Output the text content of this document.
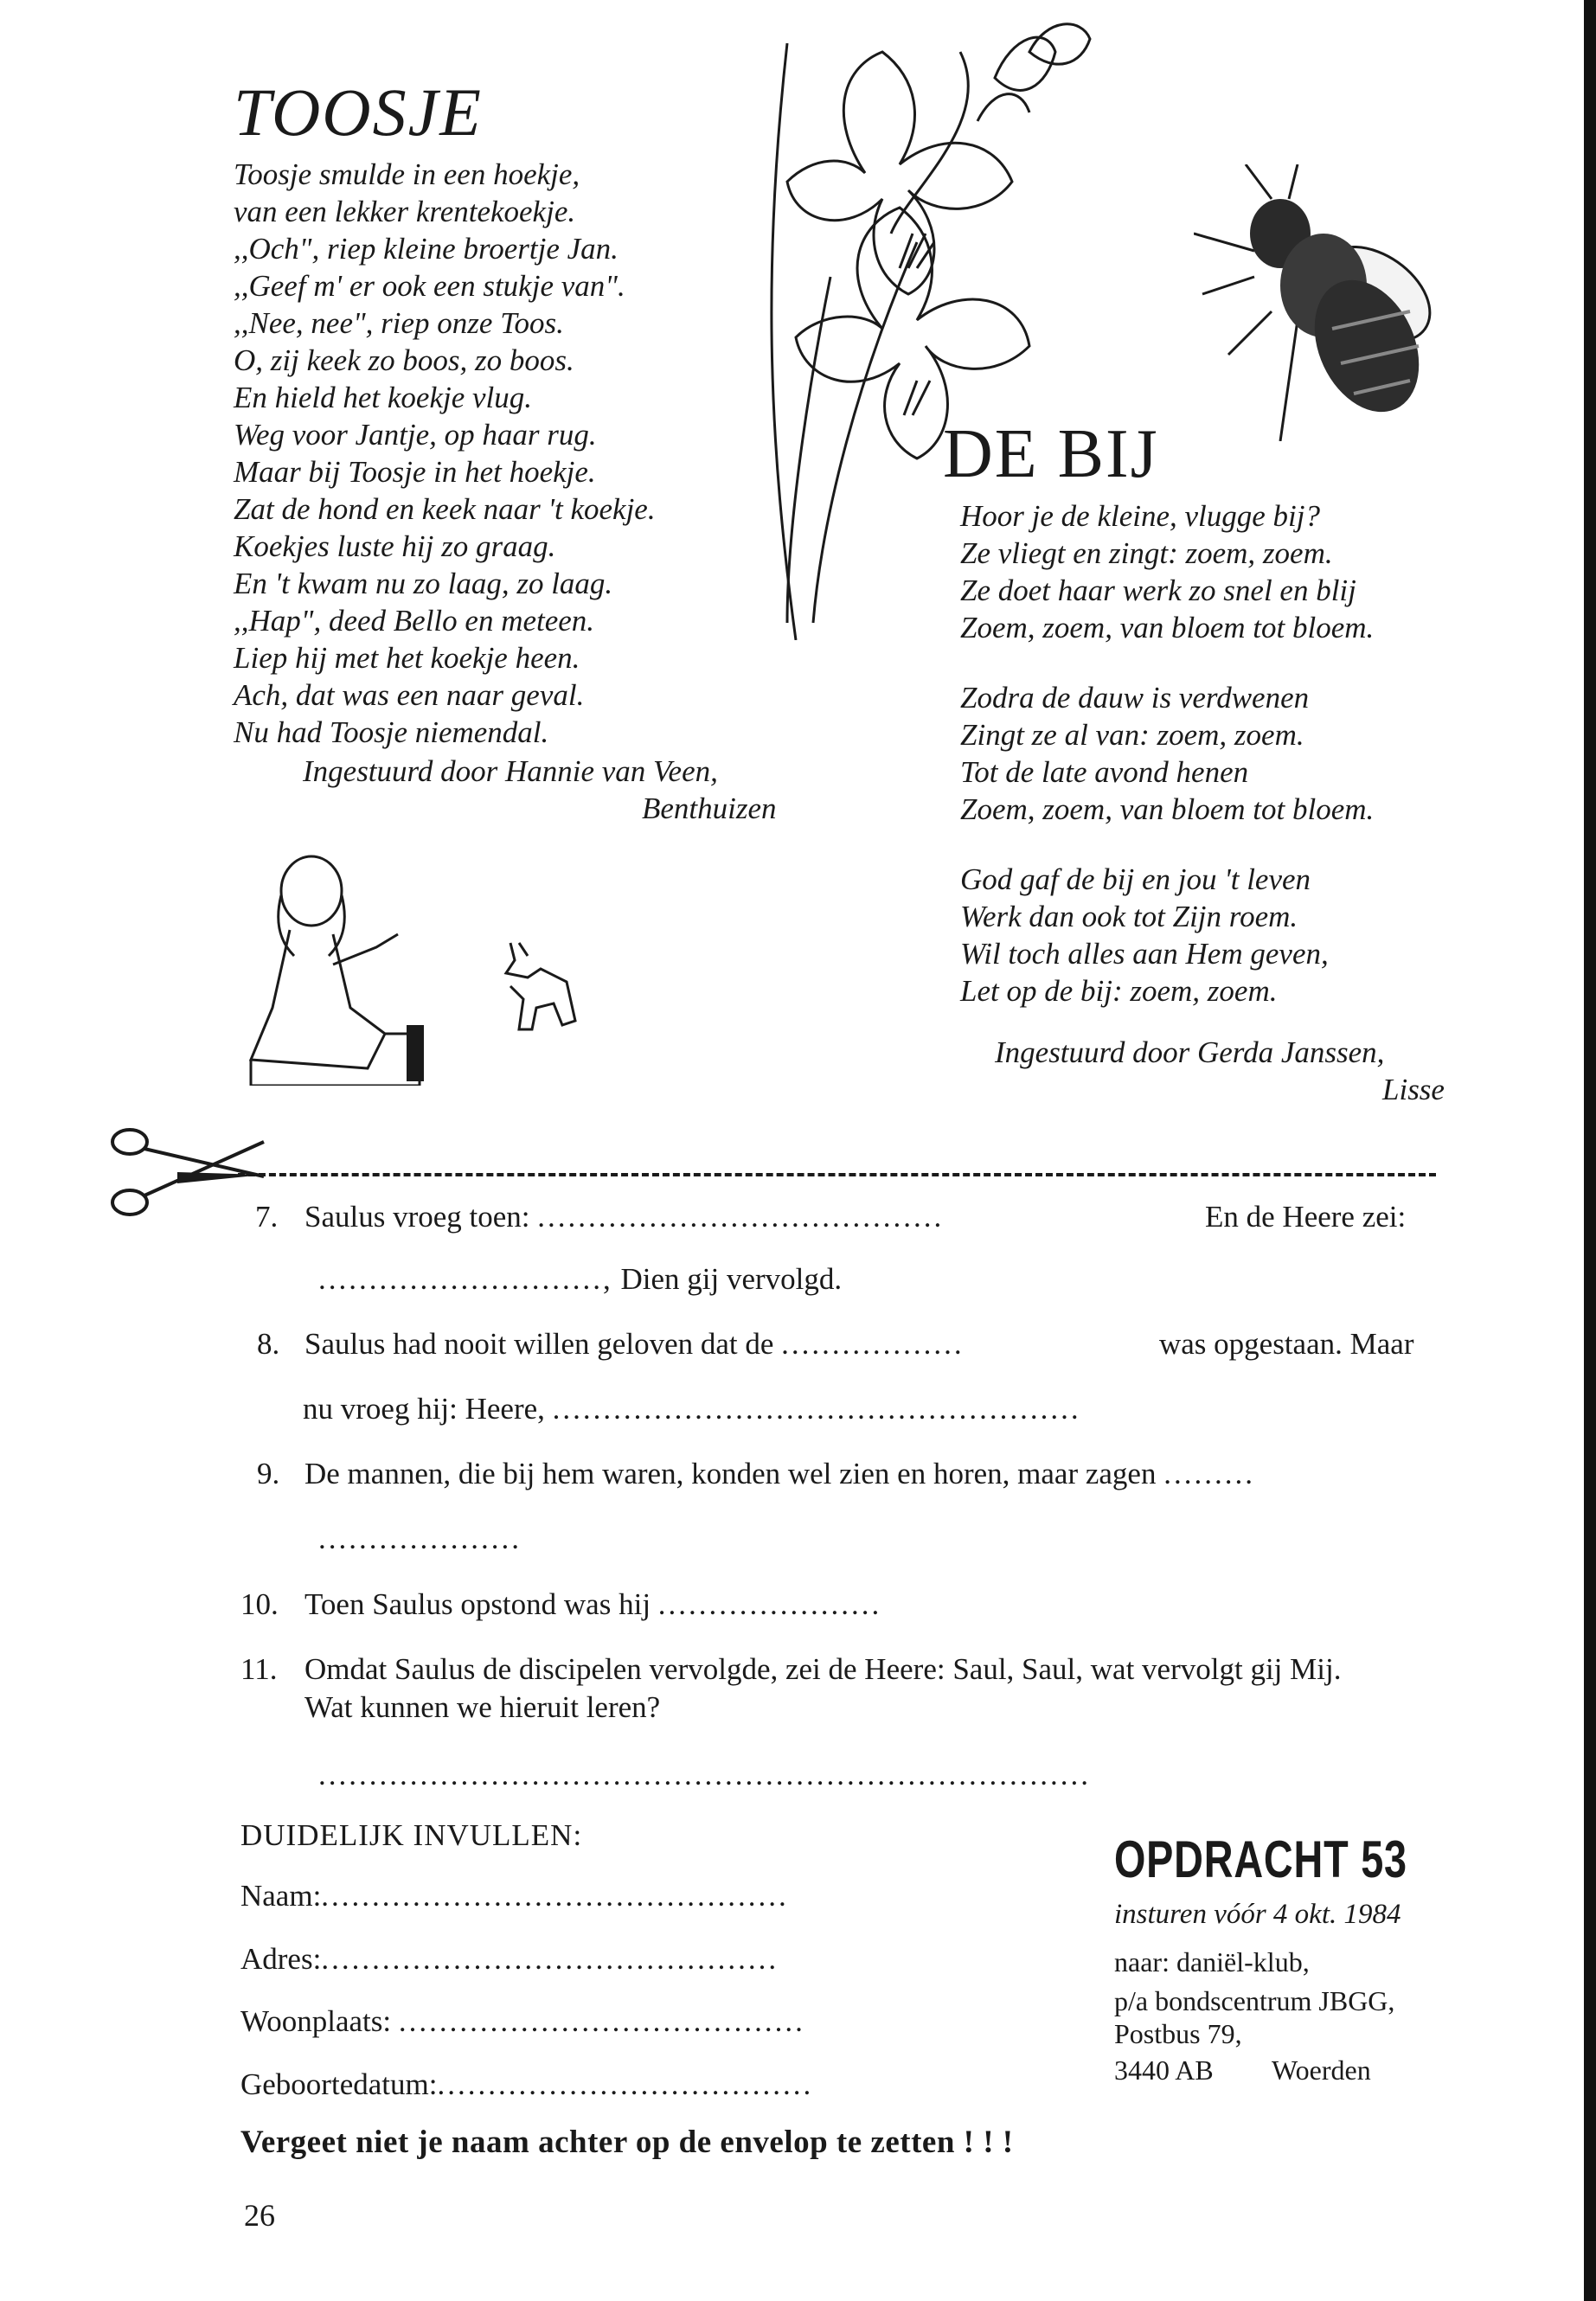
TOOSJE
Toosje smulde in een hoekje,
van een lekker krentekoekje.
,,Och", riep kleine broertje Jan.
,,Geef m' er ook een stukje van".
,,Nee, nee", riep onze Toos.
O, zij keek zo boos, zo boos.
En hield het koekje vlug.
Weg voor Jantje, op haar rug.
Maar bij Toosje in het hoekje.
Zat de hond en keek naar 't koekje.
Koekjes luste hij zo graag.
En 't kwam nu zo laag, zo laag.
,,Hap", deed Bello en meteen.
Liep hij met het koekje heen.
Ach, dat was een naar geval.
Nu had Toosje niemendal.
Ingestuurd door Hannie van Veen,
Benthuizen
DE BIJ
Hoor je de kleine, vlugge bij?
Ze vliegt en zingt: zoem, zoem.
Ze doet haar werk zo snel en blij
Zoem, zoem, van bloem tot bloem.
Zodra de dauw is verdwenen
Zingt ze al van: zoem, zoem.
Tot de late avond henen
Zoem, zoem, van bloem tot bloem.
God gaf de bij en jou 't leven
Werk dan ook tot Zijn roem.
Wil toch alles aan Hem geven,
Let op de bij: zoem, zoem.
Ingestuurd door Gerda Janssen,
Lisse
7. Saulus vroeg toen: ........................................	En de Heere zei:
............................, Dien gij vervolgd.
8. Saulus had nooit willen geloven dat de ..................	was opgestaan. Maar
nu vroeg hij: Heere, ....................................................
9. De mannen, die bij hem waren, konden wel zien en horen, maar zagen .........
....................
10. Toen Saulus opstond was hij ......................
11. Omdat Saulus de discipelen vervolgde, zei de Heere: Saul, Saul, wat vervolgt gij Mij.
Wat kunnen we hieruit leren?
............................................................................
DUIDELIJK INVULLEN:
Naam:..............................................
Adres:.............................................
Woonplaats: ........................................
Geboortedatum:.....................................
Vergeet niet je naam achter op de envelop te zetten ! ! !
OPDRACHT 53
insturen vóór 4 okt. 1984
naar: daniël-klub,
p/a bondscentrum JBGG,
Postbus 79,
3440 AB Woerden
26
